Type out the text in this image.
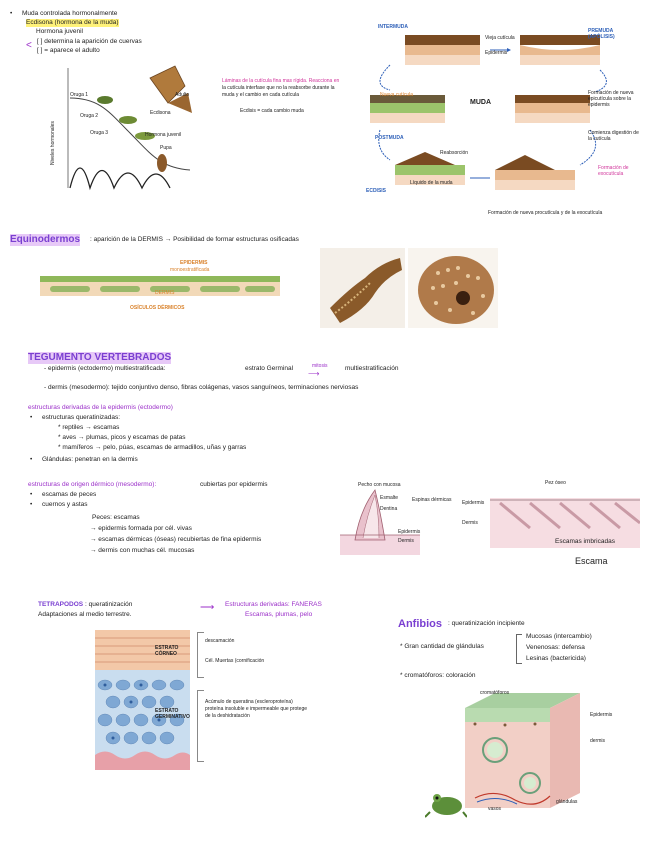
• Muda controlada hormonalmente
Ecdisona (hormona de la muda)
Hormona juvenil
< [ ] determina la aparición de cuervas
[ ] = aparece el adulto
Adulto
Ecdisona
Hormona juvenil
Pupa
Oruga 1
Oruga 2
Oruga 3
Niveles hormonales
Láminas de la cutícula fina mas rígida. Reacciona en
la cutícula interfase que no la reabsorbe durante la
muda y el cambio en cada cutícula
Ecdisis = cada cambio muda
INTERMUDA
PREMUDA (APÓLISIS)
Formación de nueva epicutícula sobre la epidermis
MUDA
Comienza digestión de la cutícula
Formación de exocutícula
Reabsorción
POSTMUDA
ECDISIS
Formación de nueva procutícula y de la exocutícula
Nueva cutícula
Vieja cutícula
Epidermis
Líquido de la muda
Equinodermos : aparición de la DERMIS → Posibilidad de formar estructuras osificadas
EPIDERMIS
monoestratificada
DERMIS
OSÍCULOS DÉRMICOS
TEGUMENTO VERTEBRADOS
- epidermis (ectodermo) multiestratificada:	estrato Germinal	mitosis
⟶
multiestratificación
- dermis (mesodermo): tejido conjuntivo denso, fibras colágenas, vasos sanguíneos, terminaciones nerviosas
estructuras derivadas de la epidermis (ectodermo)
• estructuras queratinizadas:
* reptiles → escamas
* aves → plumas, picos y escamas de patas
* mamíferos → pelo, púas, escamas de armadillos, uñas y garras
• Glándulas: penetran en la dermis
estructuras de origen dérmico (mesodermo):	cubiertas por epidermis
• escamas de peces
• cuernos y astas
Peces: escamas
→ epidermis formada por cél. vivas
→ escamas dérmicas (óseas) recubiertas de fina epidermis
→ dermis con muchas cél. mucosas
Pecho con mucosa
Esmalte
Dentina
Epidermis
Dermis
Espinas dérmicas
Pez óseo
Epidermis
Dermis
Escamas imbricadas
Escama
TETRAPODOS : queratinización
Adaptaciones al medio terrestre.
⟶ Estructuras derivadas: FANERAS
Escamas, plumas, pelo
ESTRATO CÓRNEO
ESTRATO GERMINATIVO
descamación
Cél. Muertas (cornificación
Acúmulo de queratina (escleroproteína)
proteína insoluble e impermeable que protege
de la deshidratación
Anfibios : queratinización incipiente
* Gran cantidad de glándulas
Mucosas (intercambio)
Venenosas: defensa
Lesinas (bactericida)
* cromatóforos: coloración
cromatóforos
Epidermis
dermis
vasos
glándulas
